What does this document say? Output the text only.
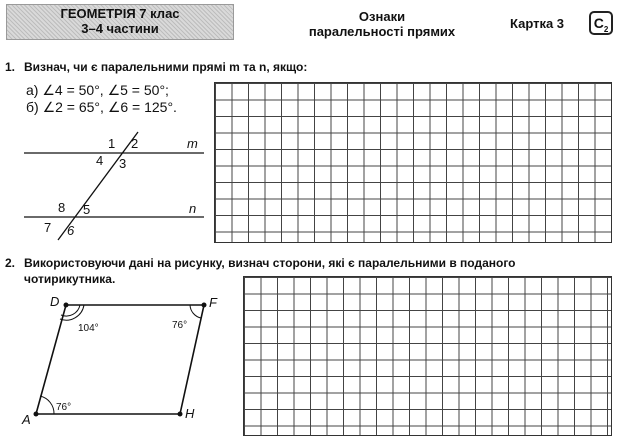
ГЕОМЕТРІЯ 7 клас
3–4 частини
Ознаки
паралельності прямих
Картка 3	$C_2$
1. Визнач, чи є паралельними прямі m та n, якщо:
а) ∠4 = 50°, ∠5 = 50°;
б) ∠2 = 65°, ∠6 = 125°.
1 2
3
4
8 5
7 6
m
n
2. Використовуючи дані на рисунку, визнач сторони, які є паралельними в поданого
чотирикутника.
D	F
A	H
104°	76°
76°
